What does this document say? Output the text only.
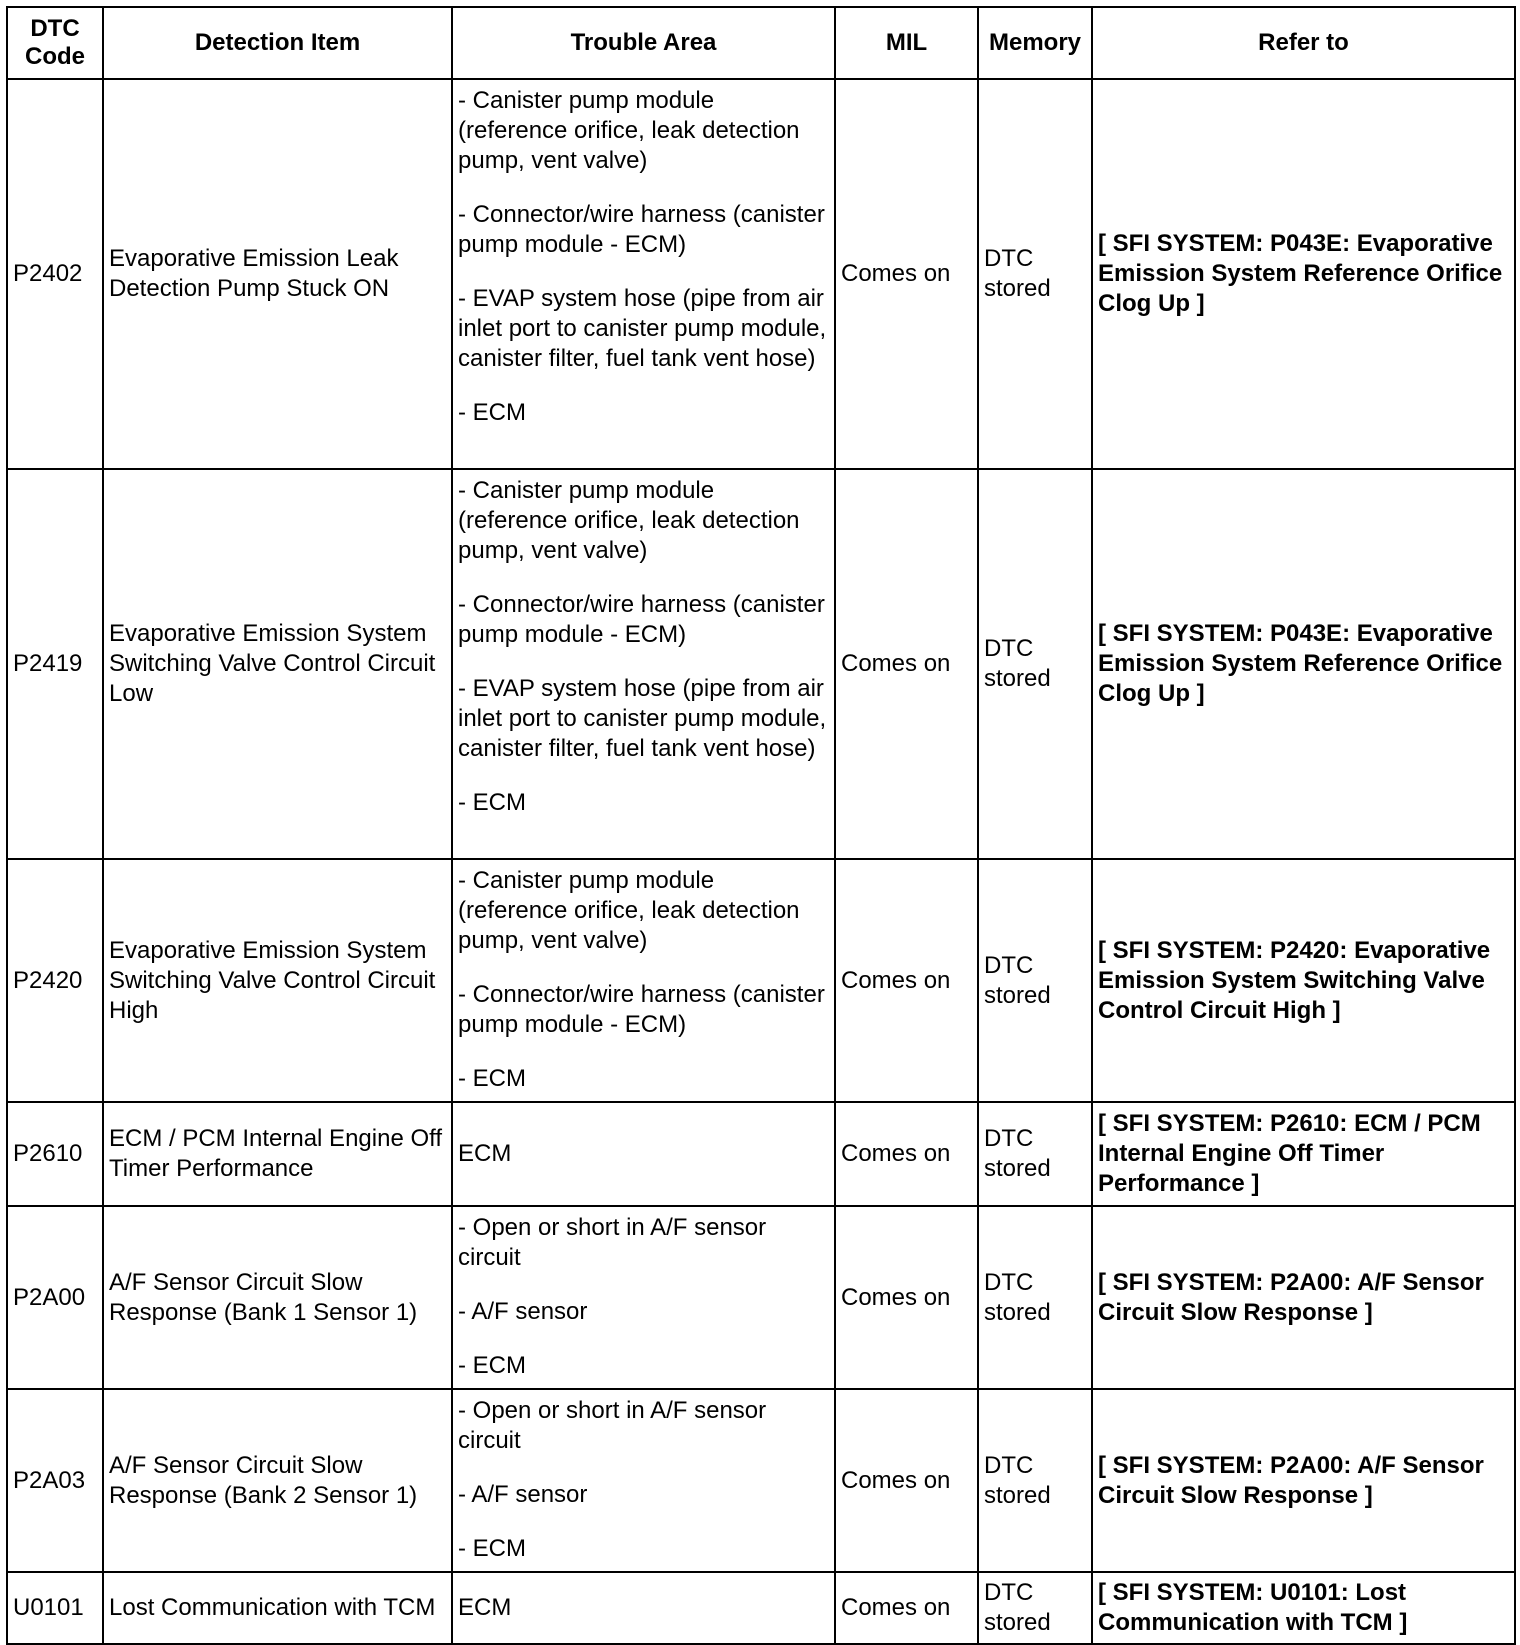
DTC
Code	Detection Item	Trouble Area	MIL	Memory	Refer to
P2402	Evaporative Emission Leak Detection Pump Stuck ON	- Canister pump module (reference orifice, leak detection pump, vent valve)
- Connector/wire harness (canister pump module - ECM)
- EVAP system hose (pipe from air inlet port to canister pump module, canister filter, fuel tank vent hose)
- ECM	Comes on	DTC stored	[ SFI SYSTEM: P043E: Evaporative Emission System Reference Orifice Clog Up ]
P2419	Evaporative Emission System Switching Valve Control Circuit Low	- Canister pump module (reference orifice, leak detection pump, vent valve)
- Connector/wire harness (canister pump module - ECM)
- EVAP system hose (pipe from air inlet port to canister pump module, canister filter, fuel tank vent hose)
- ECM	Comes on	DTC stored	[ SFI SYSTEM: P043E: Evaporative Emission System Reference Orifice Clog Up ]
P2420	Evaporative Emission System Switching Valve Control Circuit High	- Canister pump module (reference orifice, leak detection pump, vent valve)
- Connector/wire harness (canister pump module - ECM)
- ECM	Comes on	DTC stored	[ SFI SYSTEM: P2420: Evaporative Emission System Switching Valve Control Circuit High ]
P2610	ECM / PCM Internal Engine Off Timer Performance	ECM	Comes on	DTC stored	[ SFI SYSTEM: P2610: ECM / PCM Internal Engine Off Timer Performance ]
P2A00	A/F Sensor Circuit Slow Response (Bank 1 Sensor 1)	- Open or short in A/F sensor circuit
- A/F sensor
- ECM	Comes on	DTC stored	[ SFI SYSTEM: P2A00: A/F Sensor Circuit Slow Response ]
P2A03	A/F Sensor Circuit Slow Response (Bank 2 Sensor 1)	- Open or short in A/F sensor circuit
- A/F sensor
- ECM	Comes on	DTC stored	[ SFI SYSTEM: P2A00: A/F Sensor Circuit Slow Response ]
U0101	Lost Communication with TCM	ECM	Comes on	DTC stored	[ SFI SYSTEM: U0101: Lost Communication with TCM ]
